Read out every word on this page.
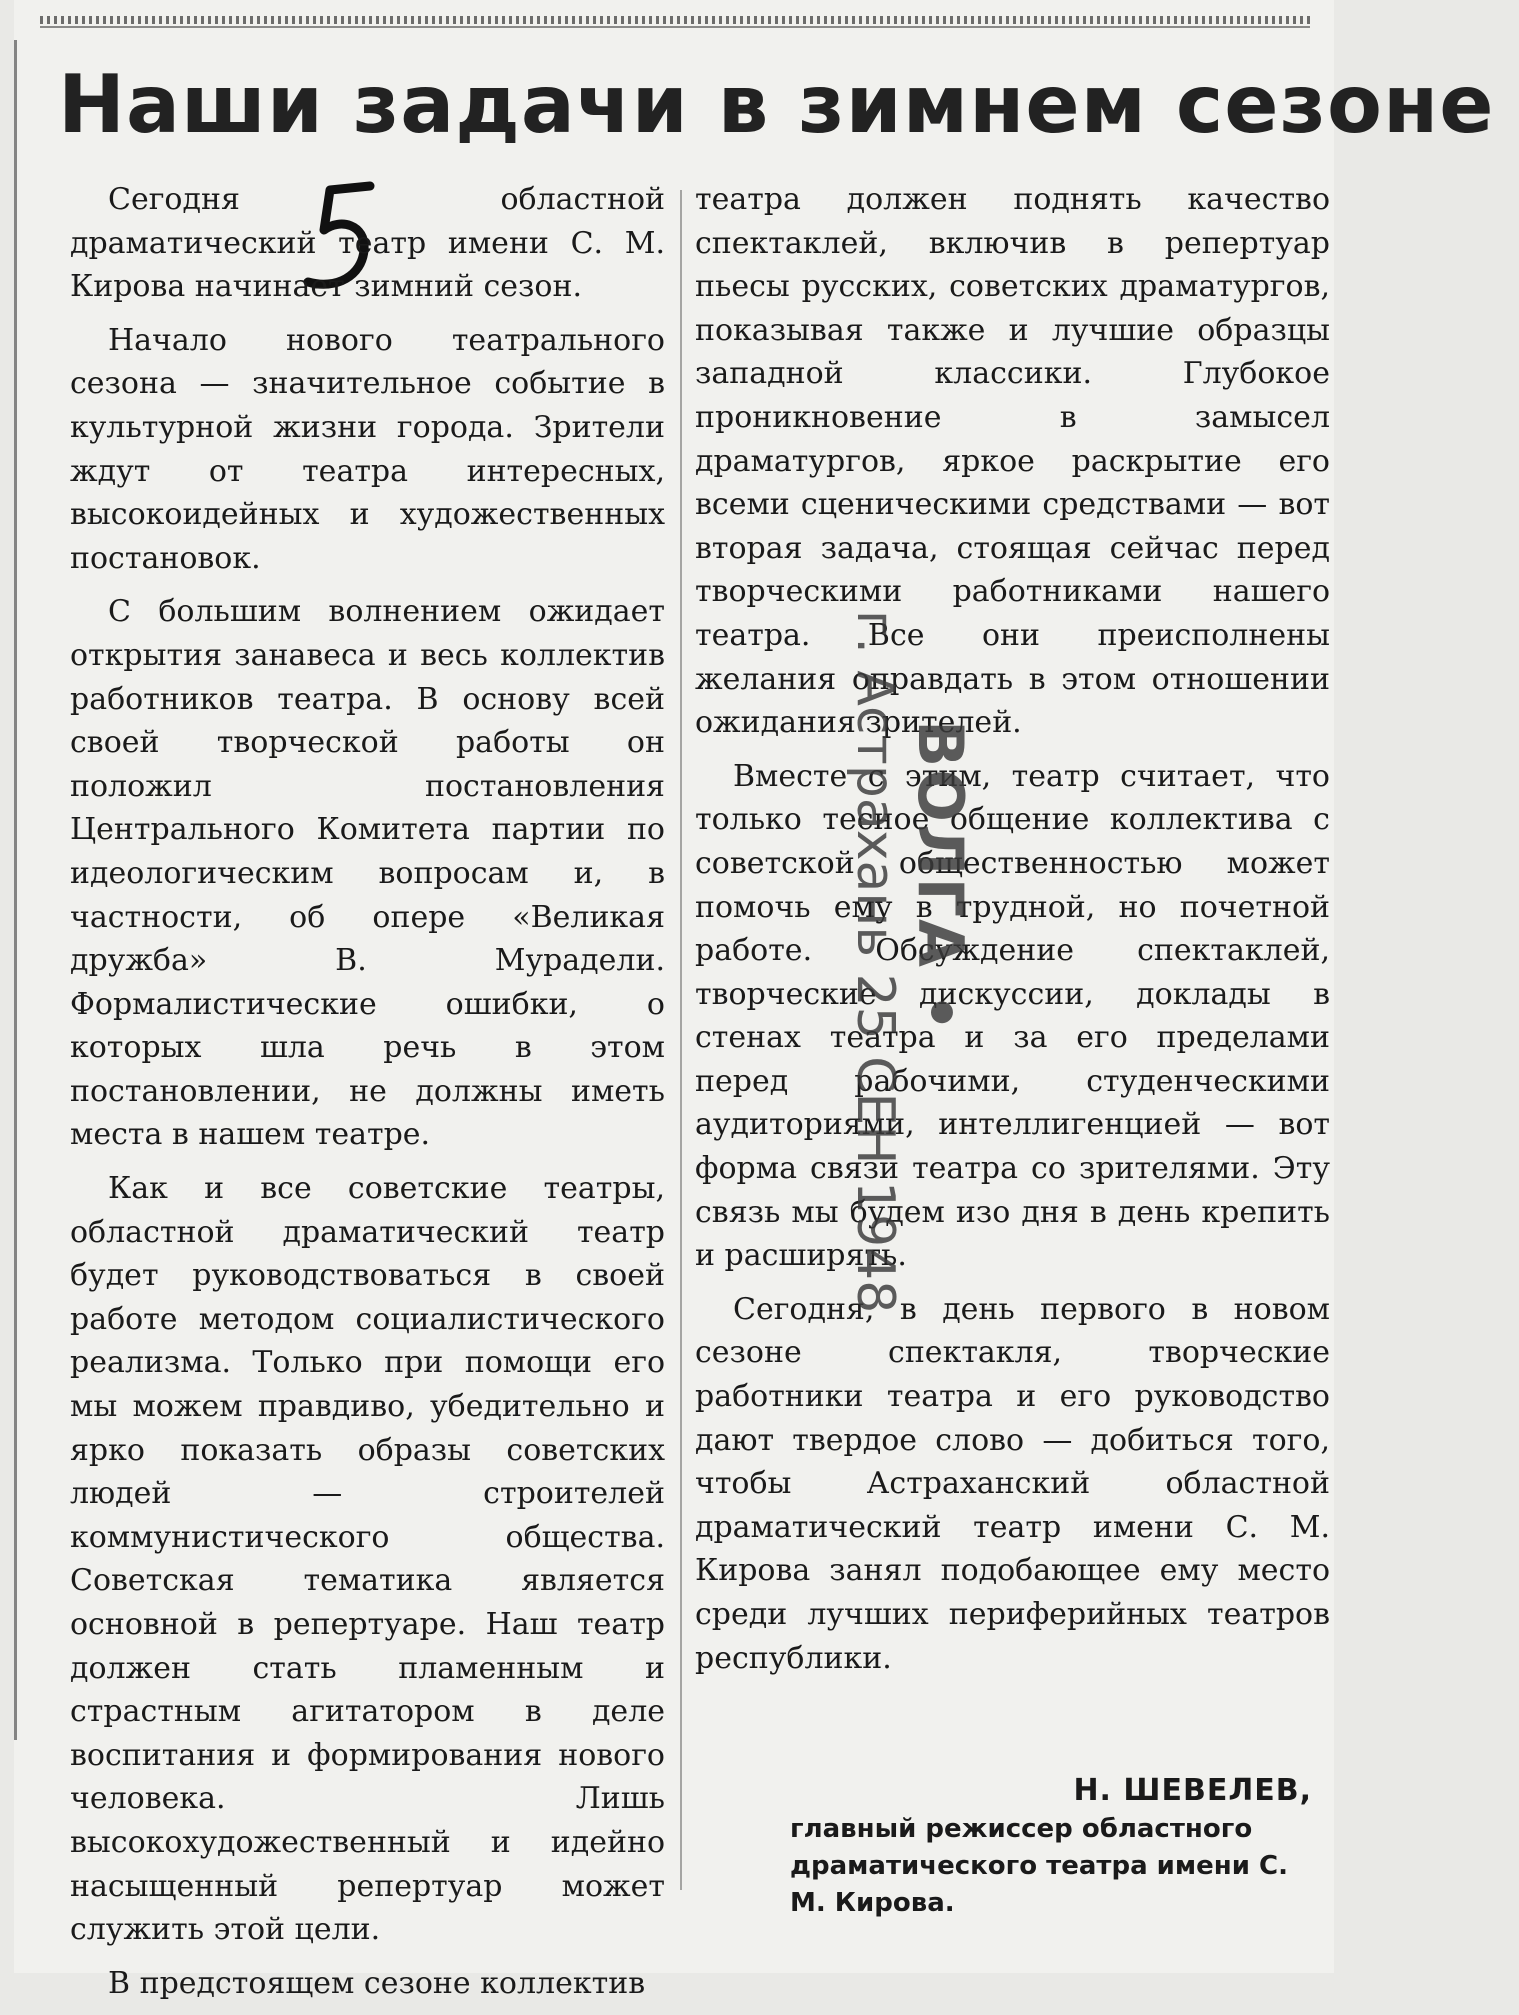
Наши задачи в зимнем сезоне

Сегодня областной драматический театр имени С. М. Кирова начинает зимний сезон.

Начало нового театрального сезона — значительное событие в культурной жизни города. Зрители ждут от театра интересных, высокоидейных и художественных постановок.

С большим волнением ожидает открытия занавеса и весь коллектив работников театра. В основу всей своей творческой работы он положил постановления Центрального Комитета партии по идеологическим вопросам и, в частности, об опере «Великая дружба» В. Мурадели. Формалистические ошибки, о которых шла речь в этом постановлении, не должны иметь места в нашем театре.

Как и все советские театры, областной драматический театр будет руководствоваться в своей работе методом социалистического реализма. Только при помощи его мы можем правдиво, убедительно и ярко показать образы советских людей — строителей коммунистического общества. Советская тематика является основной в репертуаре. Наш театр должен стать пламенным и страстным агитатором в деле воспитания и формирования нового человека. Лишь высокохудожественный и идейно насыщенный репертуар может служить этой цели.

В предстоящем сезоне коллектив

театра должен поднять качество спектаклей, включив в репертуар пьесы русских, советских драматургов, показывая также и лучшие образцы западной классики. Глубокое проникновение в замысел драматургов, яркое раскрытие его всеми сценическими средствами — вот вторая задача, стоящая сейчас перед творческими работниками нашего театра. Все они преисполнены желания оправдать в этом отношении ожидания зрителей.

Вместе с этим, театр считает, что только тесное общение коллектива с советской общественностью может помочь ему в трудной, но почетной работе. Обсуждение спектаклей, творческие дискуссии, доклады в стенах театра и за его пределами перед рабочими, студенческими аудиториями, интеллигенцией — вот форма связи театра со зрителями. Эту связь мы будем изо дня в день крепить и расширять.

Сегодня, в день первого в новом сезоне спектакля, творческие работники театра и его руководство дают твердое слово — добиться того, чтобы Астраханский областной драматический театр имени С. М. Кирова занял подобающее ему место среди лучших периферийных театров республики.

Н. ШЕВЕЛЕВ,
главный режиссер областного драматического театра имени С. М. Кирова.
ВОЛГА •
г. Астрахань 25 СЕН 1948
